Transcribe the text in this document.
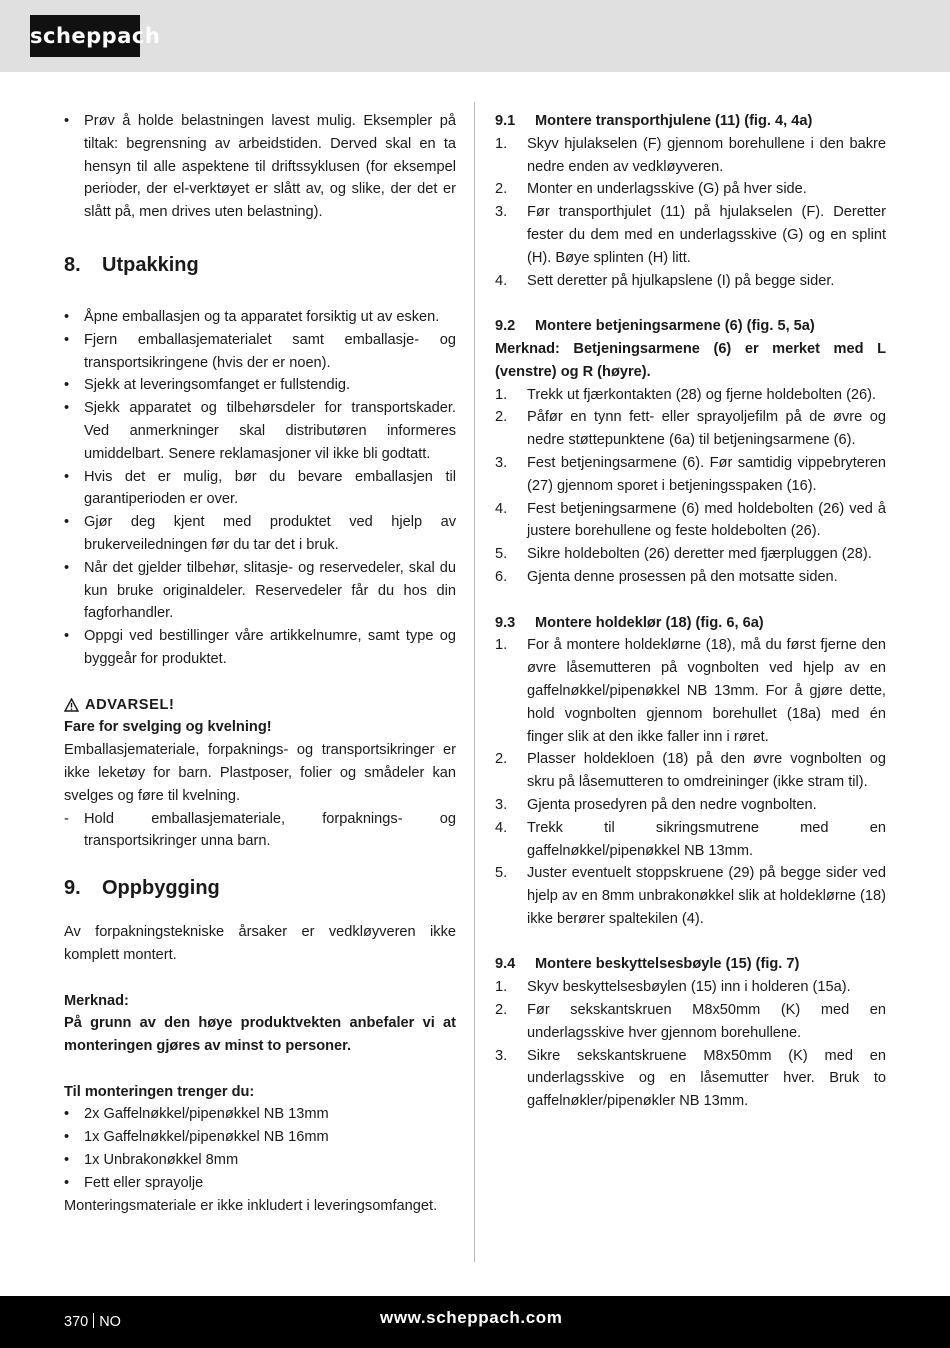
scheppach
• Prøv å holde belastningen lavest mulig. Eksempler på tiltak: begrensning av arbeidstiden. Derved skal en ta hensyn til alle aspektene til driftssyklusen (for eksempel perioder, der el-verktøyet er slått av, og slike, der det er slått på, men drives uten belastning).
8.	Utpakking
• Åpne emballasjen og ta apparatet forsiktig ut av esken.
• Fjern emballasjematerialet samt emballasje- og transportsikringene (hvis der er noen).
• Sjekk at leveringsomfanget er fullstendig.
• Sjekk apparatet og tilbehørsdeler for transportskader. Ved anmerkninger skal distributøren informeres umiddelbart. Senere reklamasjoner vil ikke bli godtatt.
• Hvis det er mulig, bør du bevare emballasjen til garantiperioden er over.
• Gjør deg kjent med produktet ved hjelp av brukerveiledningen før du tar det i bruk.
• Når det gjelder tilbehør, slitasje- og reservedeler, skal du kun bruke originaldeler. Reservedeler får du hos din fagforhandler.
• Oppgi ved bestillinger våre artikkelnumre, samt type og byggeår for produktet.
ADVARSEL!
Fare for svelging og kvelning!
Emballasjemateriale, forpaknings- og transportsikringer er ikke leketøy for barn. Plastposer, folier og smådeler kan svelges og føre til kvelning.
- Hold emballasjemateriale, forpaknings- og transportsikringer unna barn.
9.	Oppbygging
Av forpakningstekniske årsaker er vedkløyveren ikke komplett montert.
Merknad:
På grunn av den høye produktvekten anbefaler vi at monteringen gjøres av minst to personer.
Til monteringen trenger du:
• 2x Gaffelnøkkel/pipenøkkel NB 13mm
• 1x Gaffelnøkkel/pipenøkkel NB 16mm
• 1x Unbrakonøkkel 8mm
• Fett eller sprayolje
Monteringsmateriale er ikke inkludert i leveringsomfanget.
9.1	Montere transporthjulene (11) (fig. 4, 4a)
1.	Skyv hjulakselen (F) gjennom borehullene i den bakre nedre enden av vedkløyveren.
2.	Monter en underlagsskive (G) på hver side.
3.	Før transporthjulet (11) på hjulakselen (F). Deretter fester du dem med en underlagsskive (G) og en splint (H). Bøye splinten (H) litt.
4.	Sett deretter på hjulkapslene (I) på begge sider.
9.2	Montere betjeningsarmene (6) (fig. 5, 5a)
Merknad: Betjeningsarmene (6) er merket med L (venstre) og R (høyre).
1.	Trekk ut fjærkontakten (28) og fjerne holdebolten (26).
2.	Påfør en tynn fett- eller sprayoljefilm på de øvre og nedre støttepunktene (6a) til betjeningsarmene (6).
3.	Fest betjeningsarmene (6). Før samtidig vippebryteren (27) gjennom sporet i betjeningsspaken (16).
4.	Fest betjeningsarmene (6) med holdebolten (26) ved å justere borehullene og feste holdebolten (26).
5.	Sikre holdebolten (26) deretter med fjærpluggen (28).
6.	Gjenta denne prosessen på den motsatte siden.
9.3	Montere holdeklør (18) (fig. 6, 6a)
1.	For å montere holdeklørne (18), må du først fjerne den øvre låsemutteren på vognbolten ved hjelp av en gaffelnøkkel/pipenøkkel NB 13mm. For å gjøre dette, hold vognbolten gjennom borehullet (18a) med én finger slik at den ikke faller inn i røret.
2.	Plasser holdekloen (18) på den øvre vognbolten og skru på låsemutteren to omdreininger (ikke stram til).
3.	Gjenta prosedyren på den nedre vognbolten.
4.	Trekk til sikringsmutrene med en gaffelnøkkel/pipenøkkel NB 13mm.
5.	Juster eventuelt stoppskruene (29) på begge sider ved hjelp av en 8mm unbrakonøkkel slik at holdeklørne (18) ikke berører spaltekilen (4).
9.4	Montere beskyttelsesbøyle (15) (fig. 7)
1.	Skyv beskyttelsesbøylen (15) inn i holderen (15a).
2.	Før sekskantskruen M8x50mm (K) med en underlagsskive hver gjennom borehullene.
3.	Sikre sekskantskruene M8x50mm (K) med en underlagsskive og en låsemutter hver. Bruk to gaffelnøkler/pipenøkler NB 13mm.
370 NO	www.scheppach.com
